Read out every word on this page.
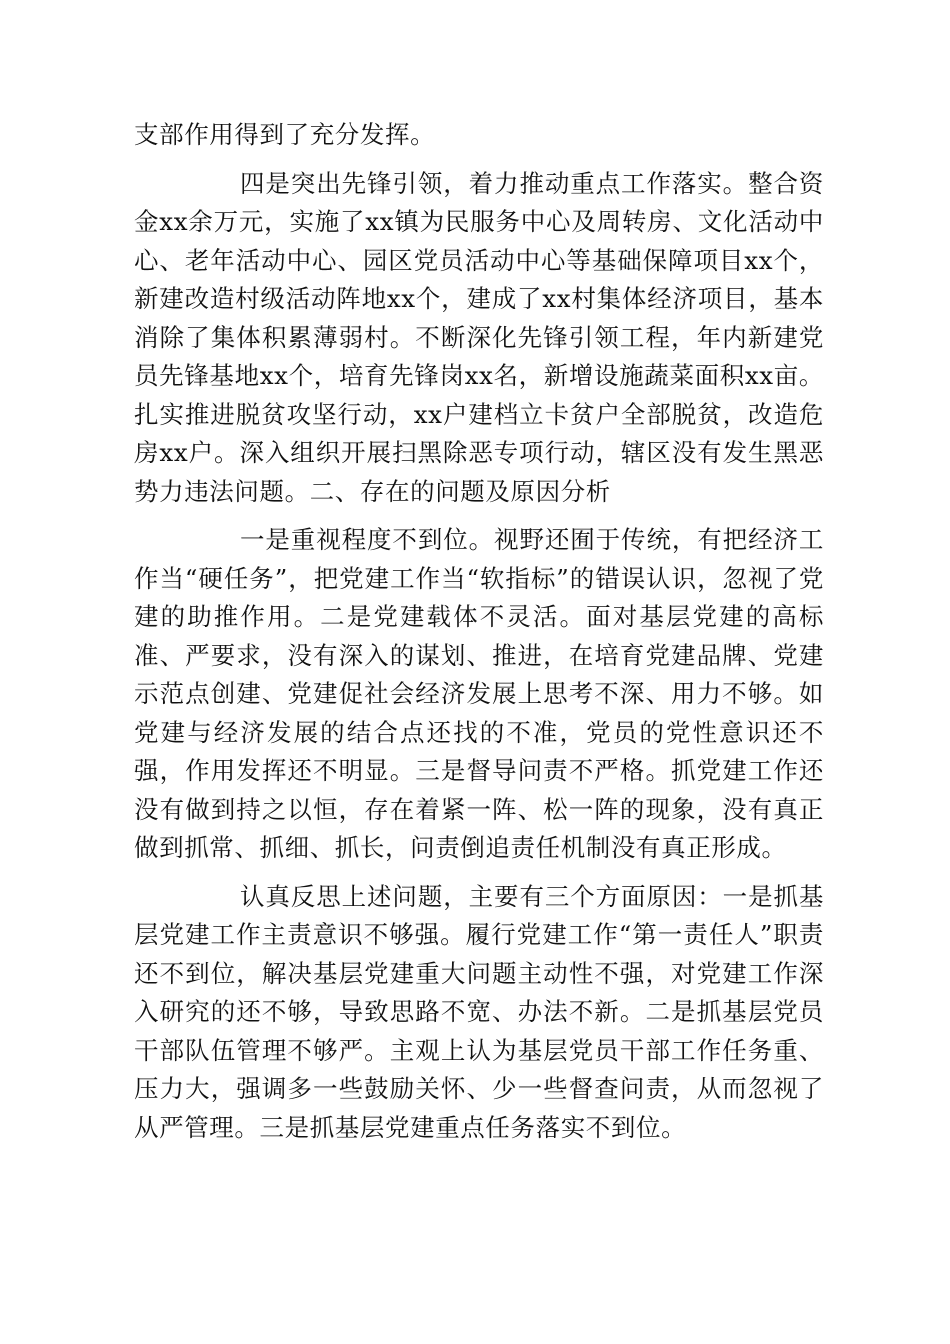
支部作用得到了充分发挥。

四是突出先锋引领，着力推动重点工作落实。整合资金xx余万元，实施了xx镇为民服务中心及周转房、文化活动中心、老年活动中心、园区党员活动中心等基础保障项目xx个，新建改造村级活动阵地xx个，建成了xx村集体经济项目，基本消除了集体积累薄弱村。不断深化先锋引领工程，年内新建党员先锋基地xx个，培育先锋岗xx名，新增设施蔬菜面积xx亩。扎实推进脱贫攻坚行动，xx户建档立卡贫户全部脱贫，改造危房xx户。深入组织开展扫黑除恶专项行动，辖区没有发生黑恶势力违法问题。二、存在的问题及原因分析

一是重视程度不到位。视野还囿于传统，有把经济工作当“硬任务”，把党建工作当“软指标”的错误认识，忽视了党建的助推作用。二是党建载体不灵活。面对基层党建的高标准、严要求，没有深入的谋划、推进，在培育党建品牌、党建示范点创建、党建促社会经济发展上思考不深、用力不够。如党建与经济发展的结合点还找的不准，党员的党性意识还不强，作用发挥还不明显。三是督导问责不严格。抓党建工作还没有做到持之以恒，存在着紧一阵、松一阵的现象，没有真正做到抓常、抓细、抓长，问责倒追责任机制没有真正形成。

认真反思上述问题，主要有三个方面原因：一是抓基层党建工作主责意识不够强。履行党建工作“第一责任人”职责还不到位，解决基层党建重大问题主动性不强，对党建工作深入研究的还不够，导致思路不宽、办法不新。二是抓基层党员干部队伍管理不够严。主观上认为基层党员干部工作任务重、压力大，强调多一些鼓励关怀、少一些督查问责，从而忽视了从严管理。三是抓基层党建重点任务落实不到位。
